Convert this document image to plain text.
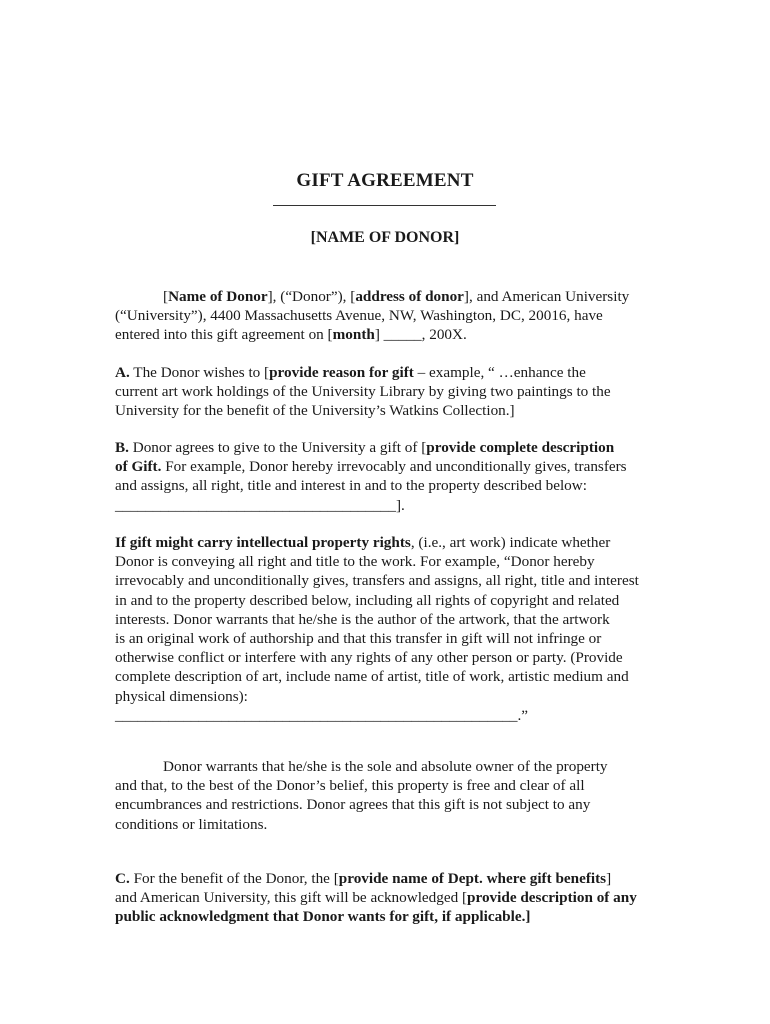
GIFT AGREEMENT
[NAME OF DONOR]

[Name of Donor], (“Donor”), [address of donor], and American University
(“University”), 4400 Massachusetts Avenue, NW, Washington, DC, 20016, have
entered into this gift agreement on [month] _____, 200X.

A. The Donor wishes to [provide reason for gift – example, “ …enhance the
current art work holdings of the University Library by giving two paintings to the
University for the benefit of the University’s Watkins Collection.]

B. Donor agrees to give to the University a gift of [provide complete description
of Gift. For example, Donor hereby irrevocably and unconditionally gives, transfers
and assigns, all right, title and interest in and to the property described below:
_____________________________________].

If gift might carry intellectual property rights, (i.e., art work) indicate whether
Donor is conveying all right and title to the work. For example, “Donor hereby
irrevocably and unconditionally gives, transfers and assigns, all right, title and interest
in and to the property described below, including all rights of copyright and related
interests. Donor warrants that he/she is the author of the artwork, that the artwork
is an original work of authorship and that this transfer in gift will not infringe or
otherwise conflict or interfere with any rights of any other person or party. (Provide
complete description of art, include name of artist, title of work, artistic medium and
physical dimensions):
_____________________________________________________.”

Donor warrants that he/she is the sole and absolute owner of the property
and that, to the best of the Donor’s belief, this property is free and clear of all
encumbrances and restrictions. Donor agrees that this gift is not subject to any
conditions or limitations.

C. For the benefit of the Donor, the [provide name of Dept. where gift benefits]
and American University, this gift will be acknowledged [provide description of any
public acknowledgment that Donor wants for gift, if applicable.]
